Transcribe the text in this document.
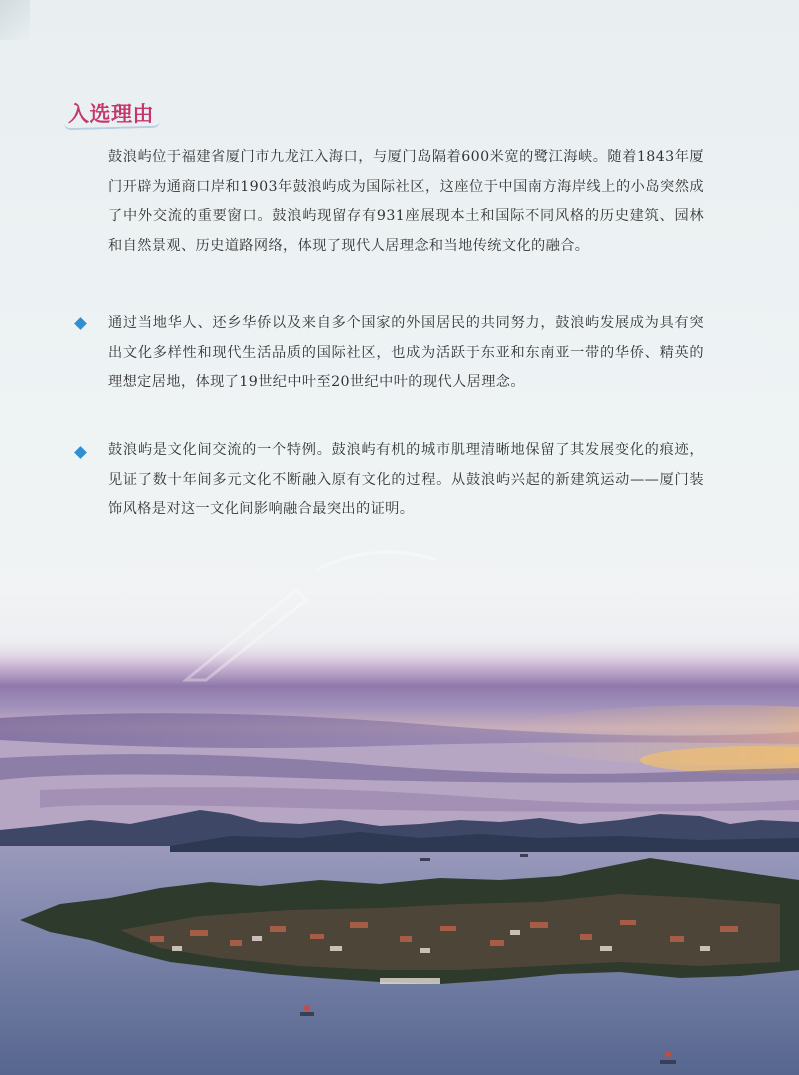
入选理由

鼓浪屿位于福建省厦门市九龙江入海口，与厦门岛隔着600米宽的鹭江海峡。随着1843年厦门开辟为通商口岸和1903年鼓浪屿成为国际社区，这座位于中国南方海岸线上的小岛突然成了中外交流的重要窗口。鼓浪屿现留存有931座展现本土和国际不同风格的历史建筑、园林和自然景观、历史道路网络，体现了现代人居理念和当地传统文化的融合。

通过当地华人、还乡华侨以及来自多个国家的外国居民的共同努力，鼓浪屿发展成为具有突出文化多样性和现代生活品质的国际社区，也成为活跃于东亚和东南亚一带的华侨、精英的理想定居地，体现了19世纪中叶至20世纪中叶的现代人居理念。

鼓浪屿是文化间交流的一个特例。鼓浪屿有机的城市肌理清晰地保留了其发展变化的痕迹，见证了数十年间多元文化不断融入原有文化的过程。从鼓浪屿兴起的新建筑运动——厦门装饰风格是对这一文化间影响融合最突出的证明。
